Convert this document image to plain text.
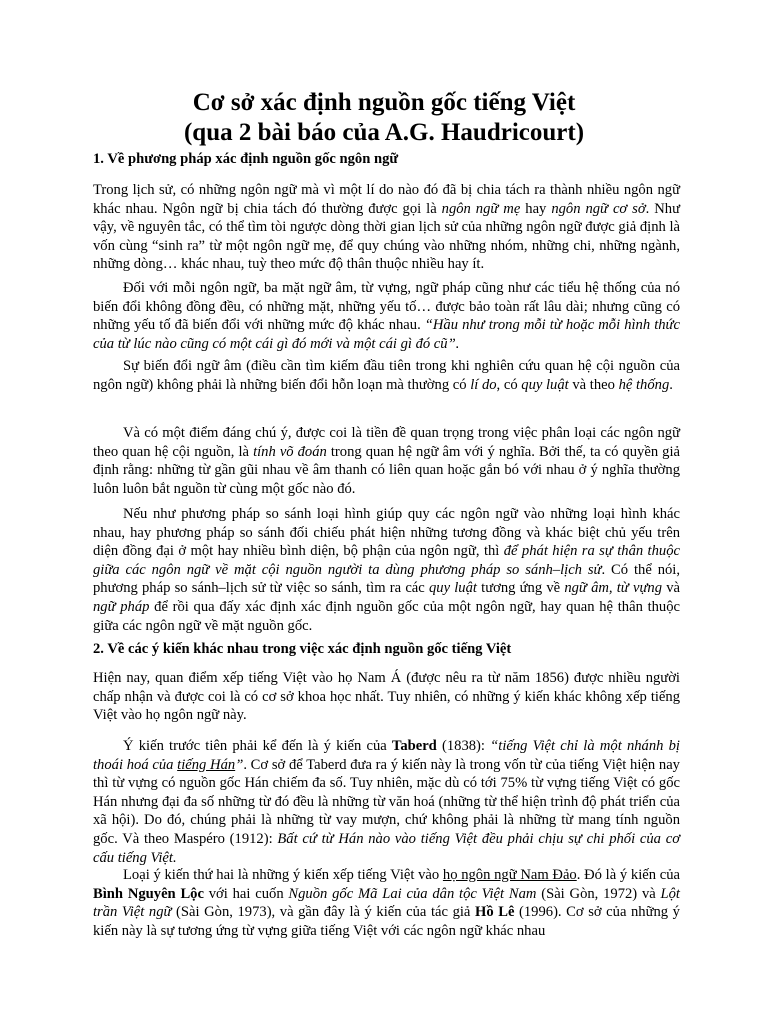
Cơ sở xác định nguồn gốc tiếng Việt
(qua 2 bài báo của A.G. Haudricourt)
1. Về phương pháp xác định nguồn gốc ngôn ngữ

Trong lịch sử, có những ngôn ngữ mà vì một lí do nào đó đã bị chia tách ra thành nhiều ngôn ngữ khác nhau. Ngôn ngữ bị chia tách đó thường được gọi là ngôn ngữ mẹ hay ngôn ngữ cơ sở. Như vậy, về nguyên tắc, có thể tìm tòi ngược dòng thời gian lịch sử của những ngôn ngữ được giả định là vốn cùng “sinh ra” từ một ngôn ngữ mẹ, để quy chúng vào những nhóm, những chi, những ngành, những dòng… khác nhau, tuỳ theo mức độ thân thuộc nhiều hay ít.

Đối với mỗi ngôn ngữ, ba mặt ngữ âm, từ vựng, ngữ pháp cũng như các tiểu hệ thống của nó biến đổi không đồng đều, có những mặt, những yếu tố… được bảo toàn rất lâu dài; nhưng cũng có những yếu tố đã biến đổi với những mức độ khác nhau. “Hầu như trong mỗi từ hoặc mỗi hình thức của từ lúc nào cũng có một cái gì đó mới và một cái gì đó cũ”.

Sự biến đổi ngữ âm (điều cần tìm kiếm đầu tiên trong khi nghiên cứu quan hệ cội nguồn của ngôn ngữ) không phải là những biến đổi hỗn loạn mà thường có lí do, có quy luật và theo hệ thống.

Và có một điểm đáng chú ý, được coi là tiền đề quan trọng trong việc phân loại các ngôn ngữ theo quan hệ cội nguồn, là tính võ đoán trong quan hệ ngữ âm với ý nghĩa. Bởi thế, ta có quyền giả định rằng: những từ gần gũi nhau về âm thanh có liên quan hoặc gắn bó với nhau ở ý nghĩa thường luôn luôn bắt nguồn từ cùng một gốc nào đó.

Nếu như phương pháp so sánh loại hình giúp quy các ngôn ngữ vào những loại hình khác nhau, hay phương pháp so sánh đối chiếu phát hiện những tương đồng và khác biệt chủ yếu trên diện đồng đại ở một hay nhiều bình diện, bộ phận của ngôn ngữ, thì để phát hiện ra sự thân thuộc giữa các ngôn ngữ về mặt cội nguồn người ta dùng phương pháp so sánh–lịch sử. Có thể nói, phương pháp so sánh–lịch sử từ việc so sánh, tìm ra các quy luật tương ứng về ngữ âm, từ vựng và ngữ pháp để rồi qua đấy xác định xác định nguồn gốc của một ngôn ngữ, hay quan hệ thân thuộc giữa các ngôn ngữ về mặt nguồn gốc.

2. Về các ý kiến khác nhau trong việc xác định nguồn gốc tiếng Việt

Hiện nay, quan điểm xếp tiếng Việt vào họ Nam Á (được nêu ra từ năm 1856) được nhiều người chấp nhận và được coi là có cơ sở khoa học nhất. Tuy nhiên, có những ý kiến khác không xếp tiếng Việt vào họ ngôn ngữ này.

Ý kiến trước tiên phải kể đến là ý kiến của Taberd (1838): “tiếng Việt chỉ là một nhánh bị thoái hoá của tiếng Hán”. Cơ sở để Taberd đưa ra ý kiến này là trong vốn từ của tiếng Việt hiện nay thì từ vựng có nguồn gốc Hán chiếm đa số. Tuy nhiên, mặc dù có tới 75% từ vựng tiếng Việt có gốc Hán nhưng đại đa số những từ đó đều là những từ văn hoá (những từ thể hiện trình độ phát triển của xã hội). Do đó, chúng phải là những từ vay mượn, chứ không phải là những từ mang tính nguồn gốc. Và theo Maspéro (1912): Bất cứ từ Hán nào vào tiếng Việt đều phải chịu sự chi phối của cơ cấu tiếng Việt.

Loại ý kiến thứ hai là những ý kiến xếp tiếng Việt vào họ ngôn ngữ Nam Đảo. Đó là ý kiến của Bình Nguyên Lộc với hai cuốn Nguồn gốc Mã Lai của dân tộc Việt Nam (Sài Gòn, 1972) và Lột trần Việt ngữ (Sài Gòn, 1973), và gần đây là ý kiến của tác giả Hồ Lê (1996). Cơ sở của những ý kiến này là sự tương ứng từ vựng giữa tiếng Việt với các ngôn ngữ khác nhau
